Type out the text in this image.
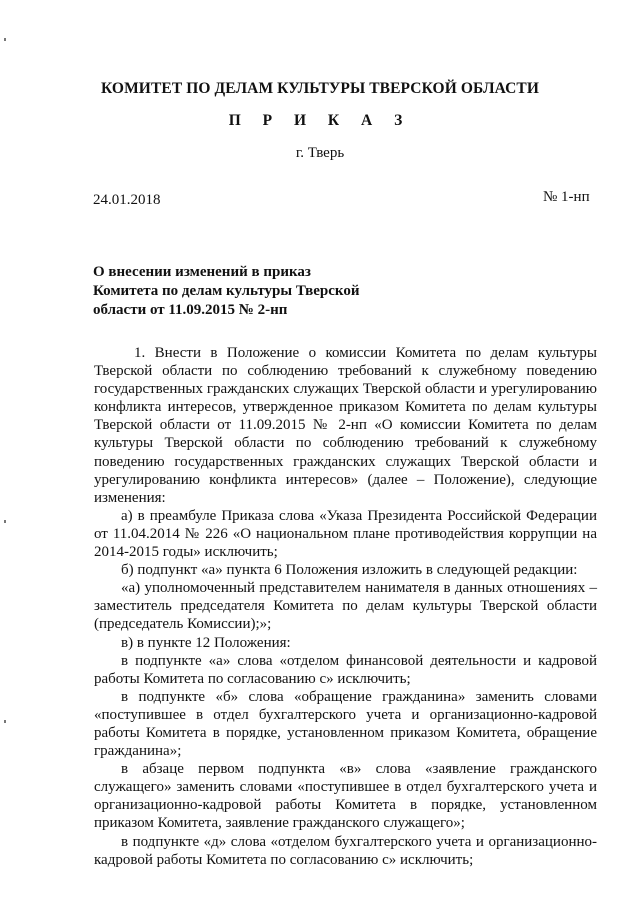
КОМИТЕТ ПО ДЕЛАМ КУЛЬТУРЫ ТВЕРСКОЙ ОБЛАСТИ
П Р И К А З
г. Тверь
24.01.2018	№ 1-нп
О внесении изменений в приказ
Комитета по делам культуры Тверской
области от 11.09.2015 № 2-нп

1. Внести в Положение о комиссии Комитета по делам культуры Тверской области по соблюдению требований к служебному поведению государственных гражданских служащих Тверской области и урегулированию конфликта интересов, утвержденное приказом Комитета по делам культуры Тверской области от 11.09.2015 № 2-нп «О комиссии Комитета по делам культуры Тверской области по соблюдению требований к служебному поведению государственных гражданских служащих Тверской области и урегулированию конфликта интересов» (далее – Положение), следующие изменения:

а) в преамбуле Приказа слова «Указа Президента Российской Федерации от 11.04.2014 № 226 «О национальном плане противодействия коррупции на 2014-2015 годы» исключить;

б) подпункт «а» пункта 6 Положения изложить в следующей редакции:

«а) уполномоченный представителем нанимателя в данных отношениях – заместитель председателя Комитета по делам культуры Тверской области (председатель Комиссии);»;

в) в пункте 12 Положения:

в подпункте «а» слова «отделом финансовой деятельности и кадровой работы Комитета по согласованию с» исключить;

в подпункте «б» слова «обращение гражданина» заменить словами «поступившее в отдел бухгалтерского учета и организационно-кадровой работы Комитета в порядке, установленном приказом Комитета, обращение гражданина»;

в абзаце первом подпункта «в» слова «заявление гражданского служащего» заменить словами «поступившее в отдел бухгалтерского учета и организационно-кадровой работы Комитета в порядке, установленном приказом Комитета, заявление гражданского служащего»;

в подпункте «д» слова «отделом бухгалтерского учета и организационно-кадровой работы Комитета по согласованию с» исключить;
